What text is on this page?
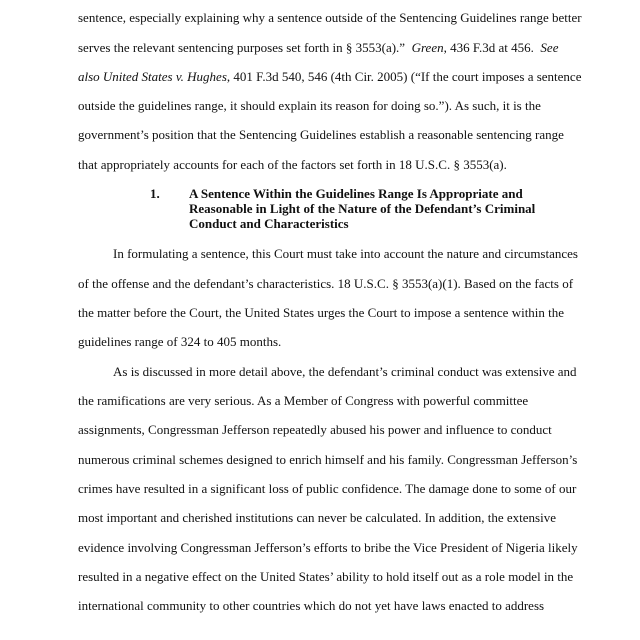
sentence, especially explaining why a sentence outside of the Sentencing Guidelines range better
serves the relevant sentencing purposes set forth in § 3553(a).” Green, 436 F.3d at 456. See
also United States v. Hughes, 401 F.3d 540, 546 (4th Cir. 2005) (“If the court imposes a sentence
outside the guidelines range, it should explain its reason for doing so.”). As such, it is the
government’s position that the Sentencing Guidelines establish a reasonable sentencing range
that appropriately accounts for each of the factors set forth in 18 U.S.C. § 3553(a).
1. A Sentence Within the Guidelines Range Is Appropriate and
Reasonable in Light of the Nature of the Defendant’s Criminal
Conduct and Characteristics
In formulating a sentence, this Court must take into account the nature and circumstances
of the offense and the defendant’s characteristics. 18 U.S.C. § 3553(a)(1). Based on the facts of
the matter before the Court, the United States urges the Court to impose a sentence within the
guidelines range of 324 to 405 months.
As is discussed in more detail above, the defendant’s criminal conduct was extensive and
the ramifications are very serious. As a Member of Congress with powerful committee
assignments, Congressman Jefferson repeatedly abused his power and influence to conduct
numerous criminal schemes designed to enrich himself and his family. Congressman Jefferson’s
crimes have resulted in a significant loss of public confidence. The damage done to some of our
most important and cherished institutions can never be calculated. In addition, the extensive
evidence involving Congressman Jefferson’s efforts to bribe the Vice President of Nigeria likely
resulted in a negative effect on the United States’ ability to hold itself out as a role model in the
international community to other countries which do not yet have laws enacted to address
